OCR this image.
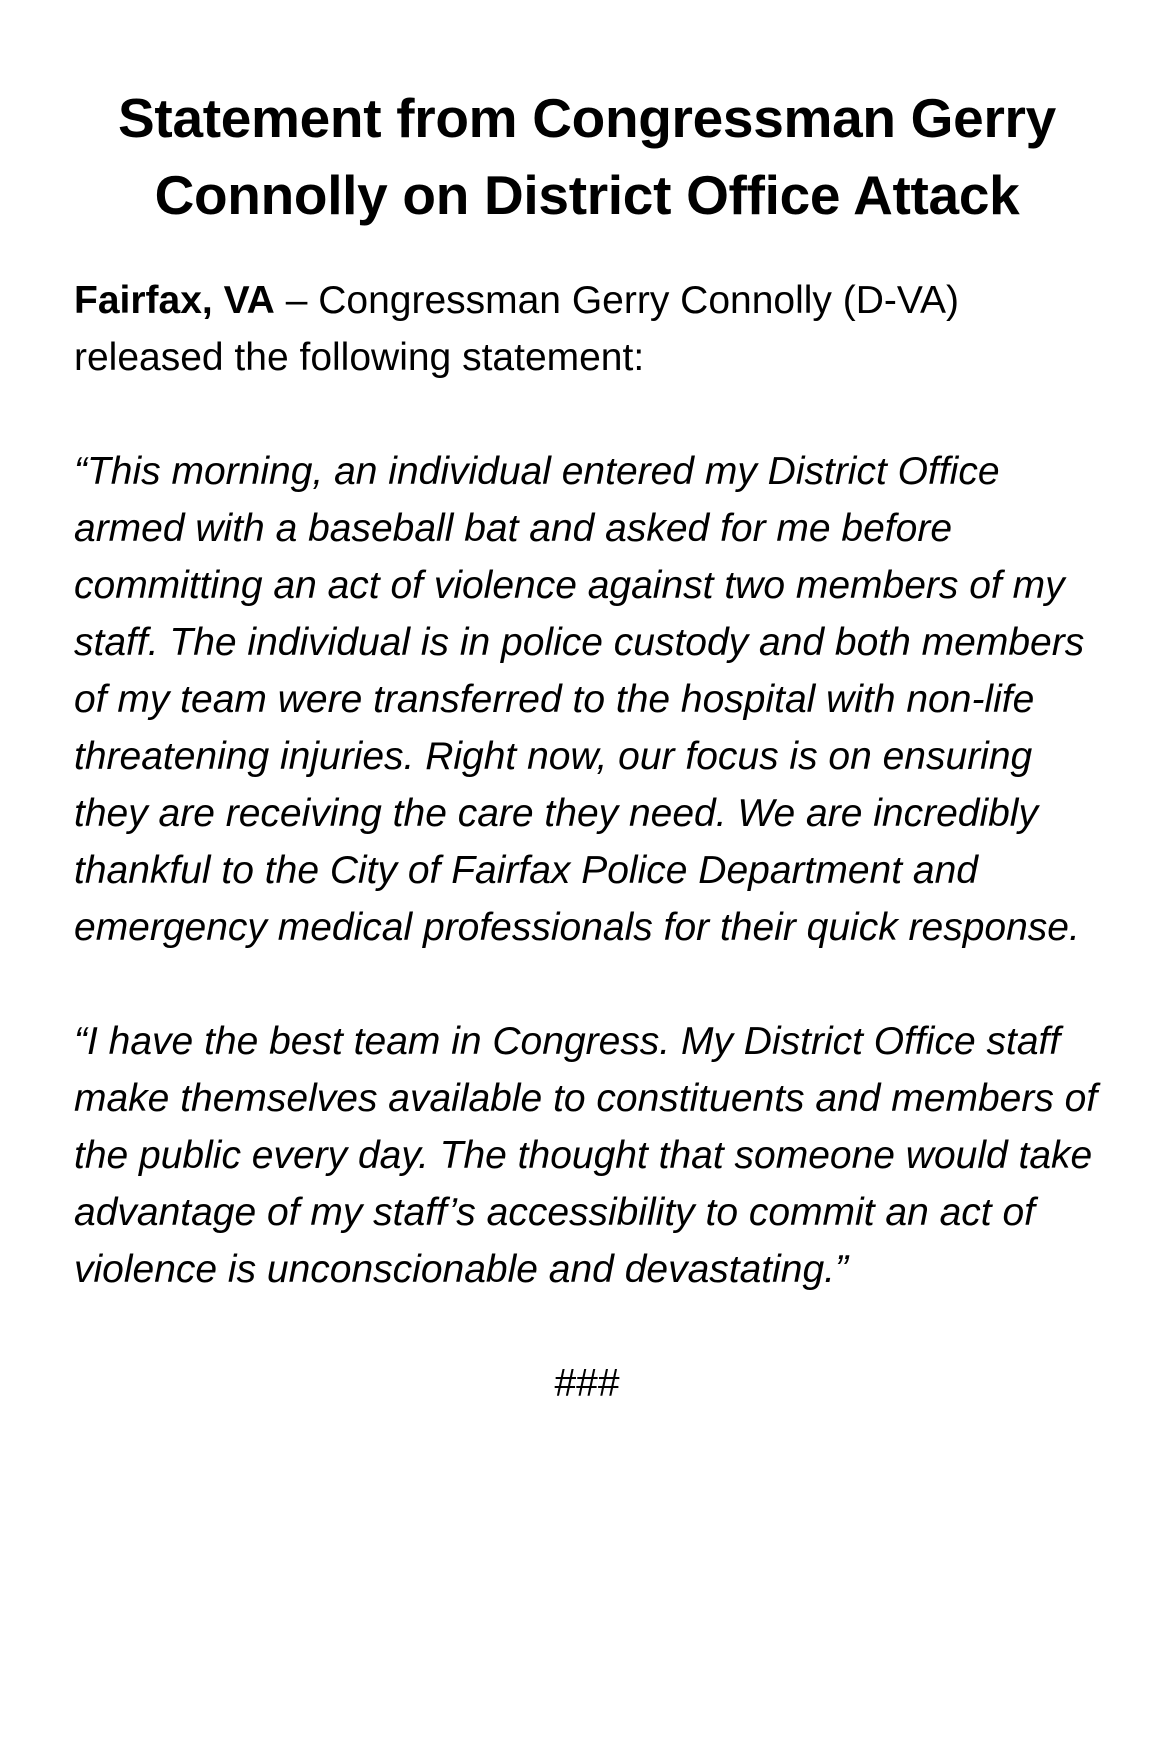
Statement from Congressman Gerry Connolly on District Office Attack

Fairfax, VA – Congressman Gerry Connolly (D-VA) released the following statement:

“This morning, an individual entered my District Office armed with a baseball bat and asked for me before committing an act of violence against two members of my staff. The individual is in police custody and both members of my team were transferred to the hospital with non-life threatening injuries. Right now, our focus is on ensuring they are receiving the care they need. We are incredibly thankful to the City of Fairfax Police Department and emergency medical professionals for their quick response.

“I have the best team in Congress. My District Office staff make themselves available to constituents and members of the public every day. The thought that someone would take advantage of my staff’s accessibility to commit an act of violence is unconscionable and devastating.”

###
